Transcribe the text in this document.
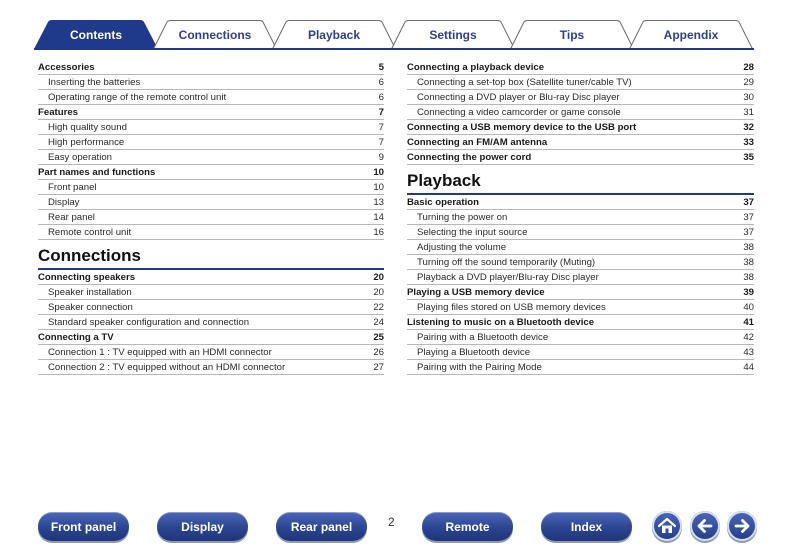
Contents	Connections	Playback	Settings	Tips	Appendix
Accessories	5
Inserting the batteries	6
Operating range of the remote control unit	6
Features	7
High quality sound	7
High performance	7
Easy operation	9
Part names and functions	10
Front panel	10
Display	13
Rear panel	14
Remote control unit	16
Connections
Connecting speakers	20
Speaker installation	20
Speaker connection	22
Standard speaker configuration and connection	24
Connecting a TV	25
Connection 1 : TV equipped with an HDMI connector	26
Connection 2 : TV equipped without an HDMI connector	27
Connecting a playback device	28
Connecting a set-top box (Satellite tuner/cable TV)	29
Connecting a DVD player or Blu-ray Disc player	30
Connecting a video camcorder or game console	31
Connecting a USB memory device to the USB port	32
Connecting an FM/AM antenna	33
Connecting the power cord	35
Playback
Basic operation	37
Turning the power on	37
Selecting the input source	37
Adjusting the volume	38
Turning off the sound temporarily (Muting)	38
Playback a DVD player/Blu-ray Disc player	38
Playing a USB memory device	39
Playing files stored on USB memory devices	40
Listening to music on a Bluetooth device	41
Pairing with a Bluetooth device	42
Playing a Bluetooth device	43
Pairing with the Pairing Mode	44
Front panel	Display	Rear panel	2	Remote	Index
